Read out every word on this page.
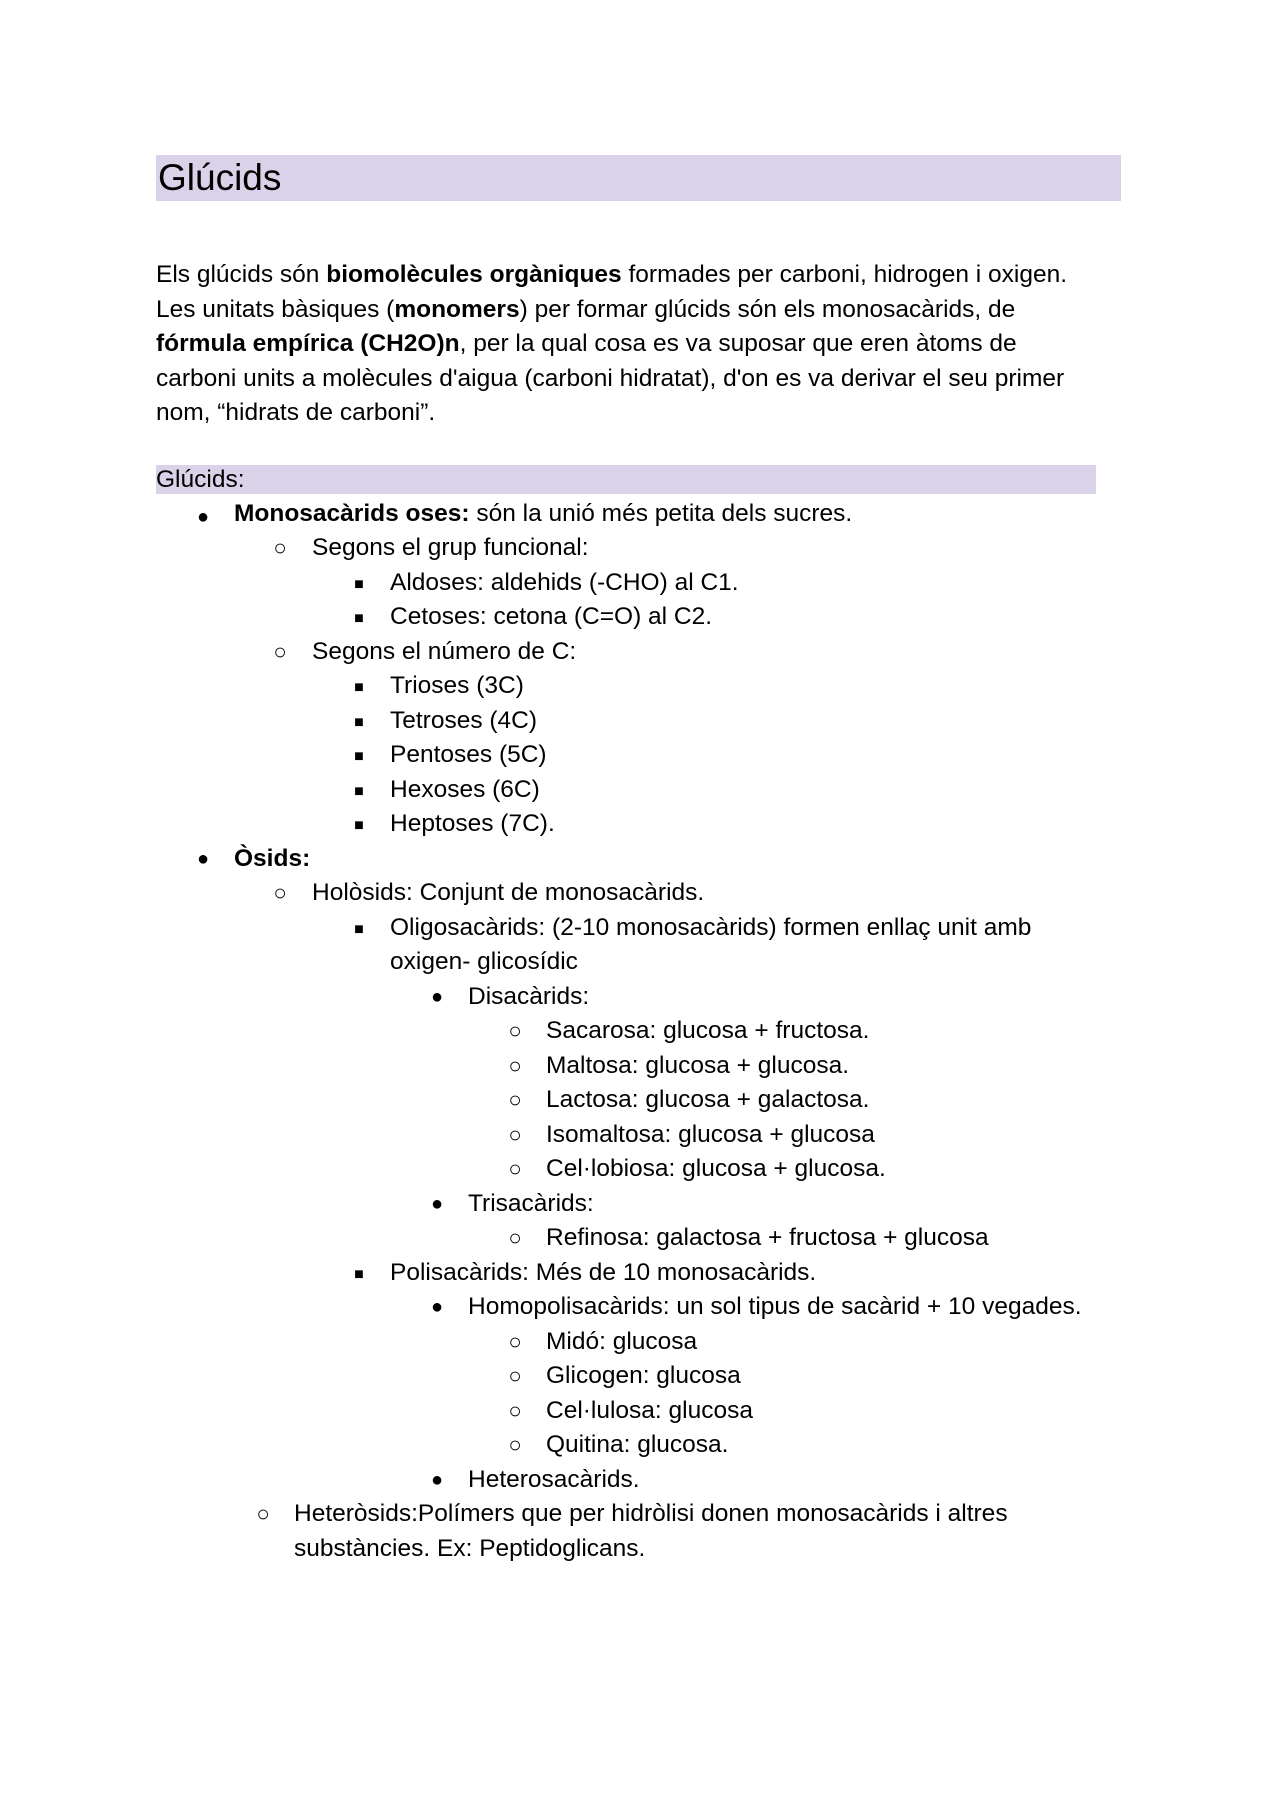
Glúcids
Els glúcids són biomolècules orgàniques formades per carboni, hidrogen i oxigen.
Les unitats bàsiques (monomers) per formar glúcids són els monosacàrids, de
fórmula empírica (CH2O)n, per la qual cosa es va suposar que eren àtoms de
carboni units a molècules d'aigua (carboni hidratat), d'on es va derivar el seu primer
nom, “hidrats de carboni”.
Glúcids:
●
Monosacàrids oses: són la unió més petita dels sucres.
○
Segons el grup funcional:
■
Aldoses: aldehids (-CHO) al C1.
■
Cetoses: cetona (C=O) al C2.
○
Segons el número de C:
■
Trioses (3C)
■
Tetroses (4C)
■
Pentoses (5C)
■
Hexoses (6C)
■
Heptoses (7C).
●
Òsids:
○
Holòsids: Conjunt de monosacàrids.
■
Oligosacàrids: (2-10 monosacàrids) formen enllaç unit amb
oxigen- glicosídic
●
Disacàrids:
○
Sacarosa: glucosa + fructosa.
○
Maltosa: glucosa + glucosa.
○
Lactosa: glucosa + galactosa.
○
Isomaltosa: glucosa + glucosa
○
Cel·lobiosa: glucosa + glucosa.
●
Trisacàrids:
○
Refinosa: galactosa + fructosa + glucosa
■
Polisacàrids: Més de 10 monosacàrids.
●
Homopolisacàrids: un sol tipus de sacàrid + 10 vegades.
○
Midó: glucosa
○
Glicogen: glucosa
○
Cel·lulosa: glucosa
○
Quitina: glucosa.
●
Heterosacàrids.
○
Heteròsids:Polímers que per hidròlisi donen monosacàrids i altres
substàncies. Ex: Peptidoglicans.
